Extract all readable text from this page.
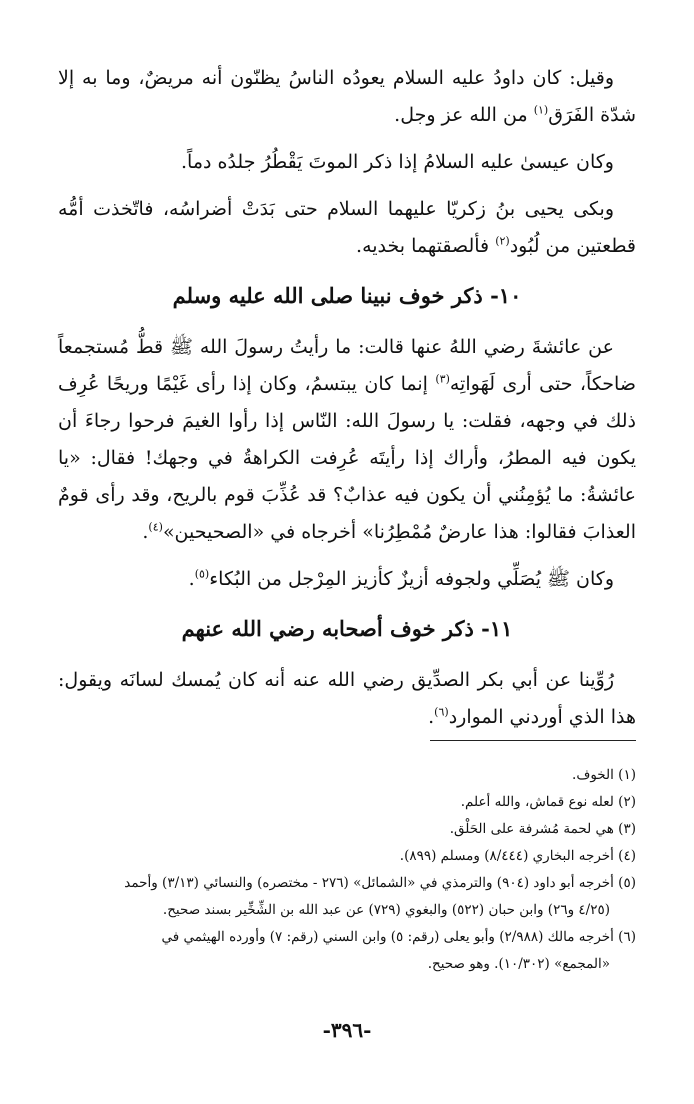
وقيل: كان داودُ عليه السلام يعودُه الناسُ يظنّون أنه مريضٌ، وما به إلا شدّة الفَرَق$^{(١)}$ من الله عز وجل.

وكان عيسىٰ عليه السلامُ إذا ذكر الموتَ يَقْطُرُ جلدُه دماً.

وبكى يحيى بنُ زكريّا عليهما السلام حتى بَدَتْ أضراسُه، فاتّخذت أمُّه قطعتين من لُبُود$^{(٢)}$ فألصقتهما بخديه.

١٠- ذكر خوف نبينا صلى الله عليه وسلم

عن عائشةَ رضي اللهُ عنها قالت: ما رأيتُ رسولَ الله ﷺ قطُّ مُستجمعاً ضاحكاً، حتى أرى لَهَواتِه$^{(٣)}$ إنما كان يبتسمُ، وكان إذا رأى غَيْمًا وريحًا عُرِف ذلك في وجهه، فقلت: يا رسولَ الله: النّاس إذا رأوا الغيمَ فرحوا رجاءَ أن يكون فيه المطرُ، وأراك إذا رأيتَه عُرِفت الكراهةُ في وجهك! فقال: «يا عائشةُ: ما يُؤمِنُني أن يكون فيه عذابٌ؟ قد عُذِّبَ قوم بالريح، وقد رأى قومٌ العذابَ فقالوا: هذا عارضٌ مُمْطِرُنا» أخرجاه في «الصحيحين»$^{(٤)}$.

وكان ﷺ يُصَلِّي ولجوفه أزيزٌ كأزيز المِرْجل من البُكاء$^{(٥)}$.

١١- ذكر خوف أصحابه رضي الله عنهم

رُوِّينا عن أبي بكر الصدِّيق رضي الله عنه أنه كان يُمسك لسانَه ويقول: هذا الذي أوردني الموارد$^{(٦)}$.

(١) الخوف.

(٢) لعله نوع قماش، والله أعلم.

(٣) هي لحمة مُشرفة على الحَلْق.

(٤) أخرجه البخاري (٨/٤٤٤) ومسلم (٨٩٩).

(٥) أخرجه أبو داود (٩٠٤) والترمذي في «الشمائل» (٢٧٦ - مختصره) والنسائي (٣/١٣) وأحمد

(٤/٢٥ و٢٦) وابن حبان (٥٢٢) والبغوي (٧٢٩) عن عبد الله بن الشِّخِّير بسند صحيح.

(٦) أخرجه مالك (٢/٩٨٨) وأبو يعلى (رقم: ٥) وابن السني (رقم: ٧) وأورده الهيثمي في

«المجمع» (١٠/٣٠٢). وهو صحيح.

-٣٩٦-
